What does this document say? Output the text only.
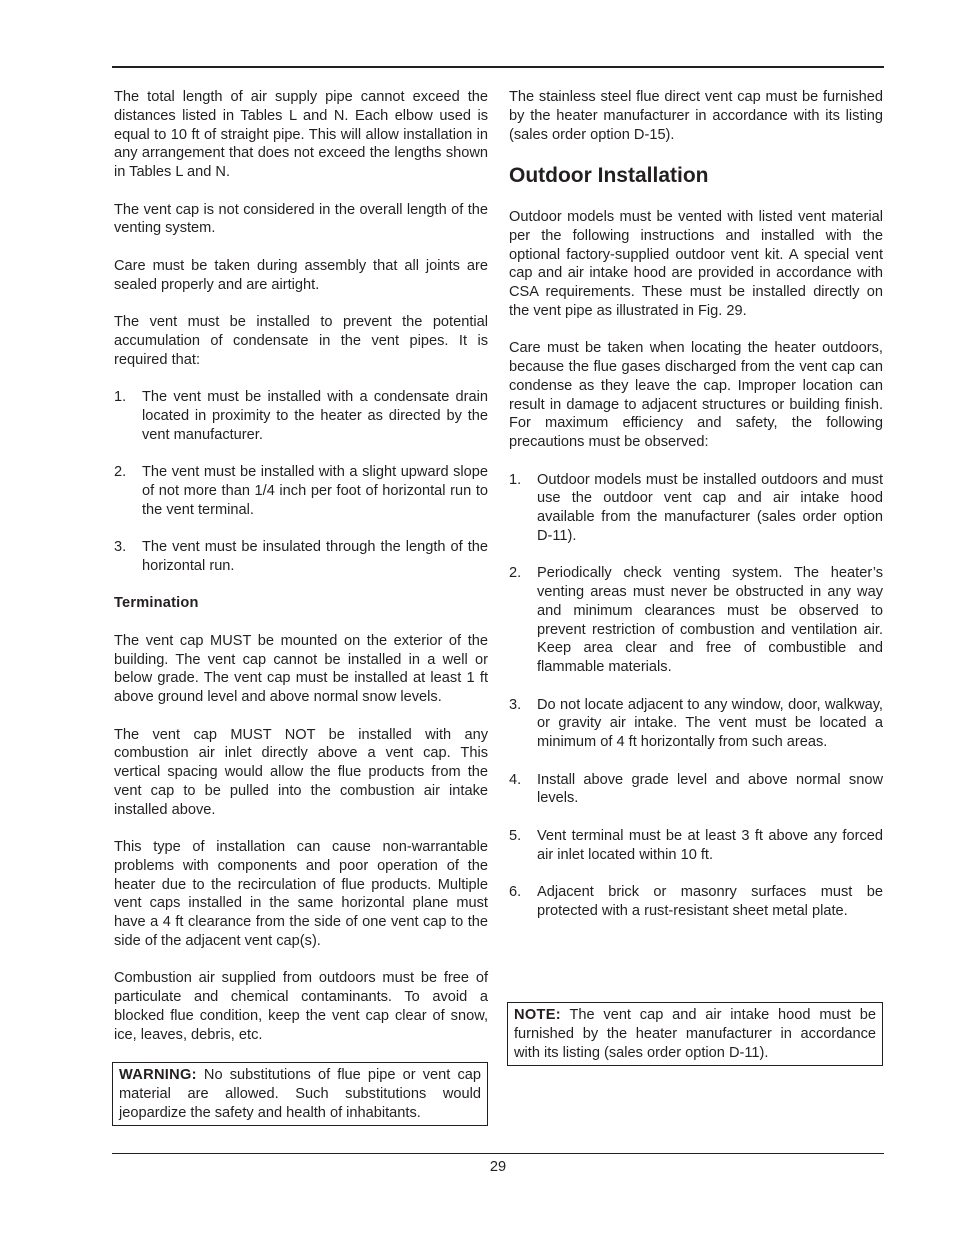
The total length of air supply pipe cannot exceed the distances listed in Tables L and N. Each elbow used is equal to 10 ft of straight pipe. This will allow installation in any arrangement that does not exceed the lengths shown in Tables L and N.

The vent cap is not considered in the overall length of the venting system.

Care must be taken during assembly that all joints are sealed properly and are airtight.

The vent must be installed to prevent the potential accumulation of condensate in the vent pipes. It is required that:

1.	The vent must be installed with a condensate drain located in proximity to the heater as directed by the vent manufacturer.
2.	The vent must be installed with a slight upward slope of not more than 1/4 inch per foot of horizontal run to the vent terminal.
3.	The vent must be insulated through the length of the horizontal run.
Termination

The vent cap MUST be mounted on the exterior of the building. The vent cap cannot be installed in a well or below grade. The vent cap must be installed at least 1 ft above ground level and above normal snow levels.

The vent cap MUST NOT be installed with any combustion air inlet directly above a vent cap. This vertical spacing would allow the flue products from the vent cap to be pulled into the combustion air intake installed above.

This type of installation can cause non-warrantable problems with components and poor operation of the heater due to the recirculation of flue products. Multiple vent caps installed in the same horizontal plane must have a 4 ft clearance from the side of one vent cap to the side of the adjacent vent cap(s).

Combustion air supplied from outdoors must be free of particulate and chemical contaminants. To avoid a blocked flue condition, keep the vent cap clear of snow, ice, leaves, debris, etc.

WARNING: No substitutions of flue pipe or vent cap material are allowed. Such substitutions would jeopardize the safety and health of inhabitants.

The stainless steel flue direct vent cap must be furnished by the heater manufacturer in accordance with its listing (sales order option D-15).

Outdoor Installation

Outdoor models must be vented with listed vent material per the following instructions and installed with the optional factory-supplied outdoor vent kit. A special vent cap and air intake hood are provided in accordance with CSA requirements. These must be installed directly on the vent pipe as illustrated in Fig. 29.

Care must be taken when locating the heater outdoors, because the flue gases discharged from the vent cap can condense as they leave the cap. Improper location can result in damage to adjacent structures or building finish. For maximum efficiency and safety, the following precautions must be observed:

1.	Outdoor models must be installed outdoors and must use the outdoor vent cap and air intake hood available from the manufacturer (sales order option D-11).
2.	Periodically check venting system. The heater’s venting areas must never be obstructed in any way and minimum clearances must be observed to prevent restriction of combustion and ventilation air. Keep area clear and free of combustible and flammable materials.
3.	Do not locate adjacent to any window, door, walkway, or gravity air intake. The vent must be located a minimum of 4 ft horizontally from such areas.
4.	Install above grade level and above normal snow levels.
5.	Vent terminal must be at least 3 ft above any forced air inlet located within 10 ft.
6.	Adjacent brick or masonry surfaces must be protected with a rust-resistant sheet metal plate.
NOTE: The vent cap and air intake hood must be furnished by the heater manufacturer in accordance with its listing (sales order option D-11).
29
